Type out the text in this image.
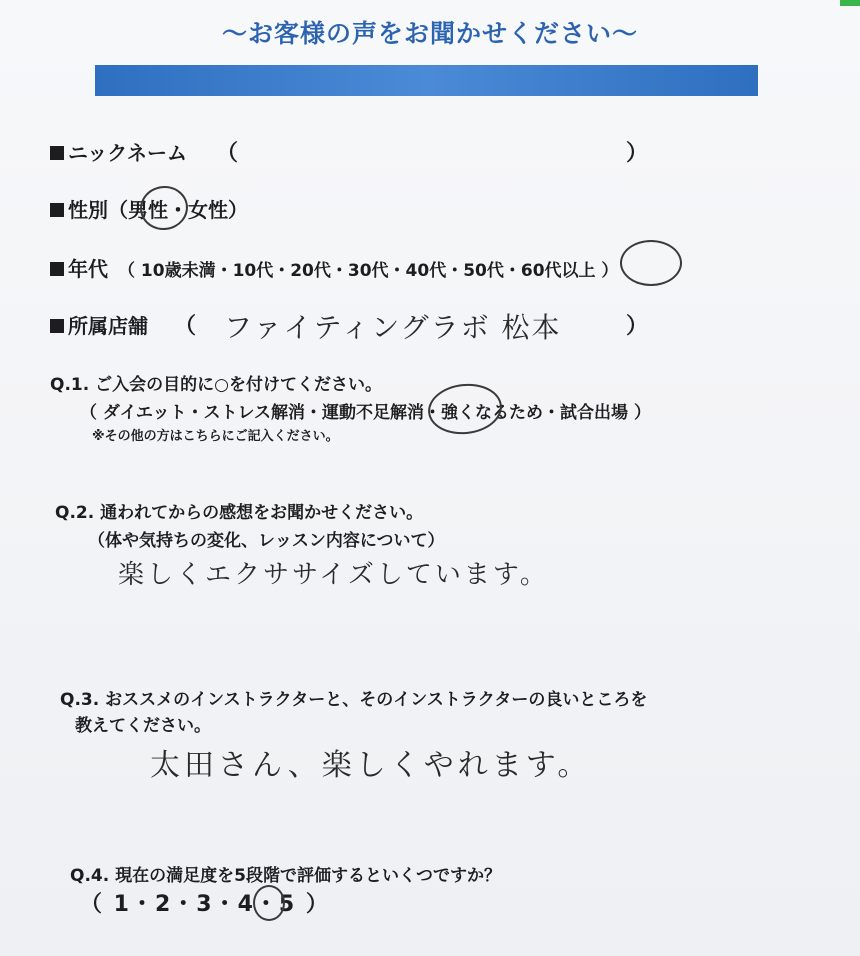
〜お客様の声をお聞かせください〜
ニックネーム （	）
性別（男性・女性）
年代 （ 10歳未満・10代・20代・30代・40代・50代・60代以上 ）
所属店舗 （ ファイティングラボ 松本	）
Q.1. ご入会の目的に○を付けてください。
（ ダイエット・ストレス解消・運動不足解消・強くなるため・試合出場 ）
※その他の方はこちらにご記入ください。
Q.2. 通われてからの感想をお聞かせください。
（体や気持ちの変化、レッスン内容について）
楽しくエクササイズしています。
Q.3. おススメのインストラクターと、そのインストラクターの良いところを
教えてください。
太田さん、楽しくやれます。
Q.4. 現在の満足度を5段階で評価するといくつですか？
（ 1・2・3・4・5 ）
